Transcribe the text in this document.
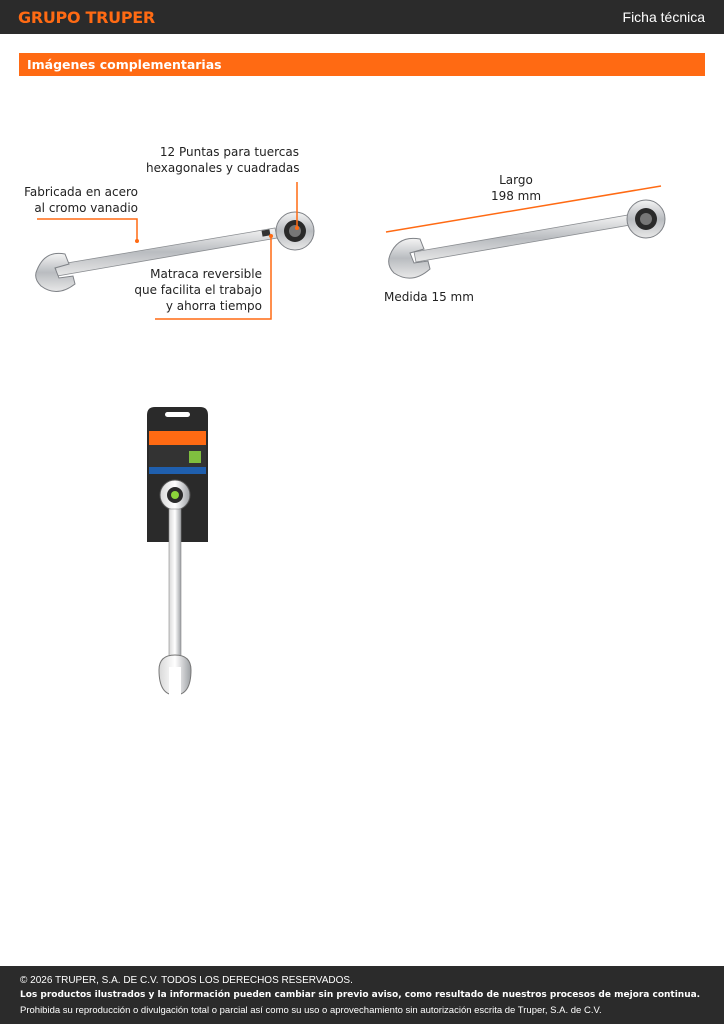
GRUPO TRUPER	Ficha técnica
Imágenes complementarias
12 Puntas para tuercas
hexagonales y cuadradas
Fabricada en acero
al cromo vanadio
Matraca reversible
que facilita el trabajo
y ahorra tiempo
Largo
198 mm
Medida 15 mm
© 2026 TRUPER, S.A. DE C.V. TODOS LOS DERECHOS RESERVADOS.
Los productos ilustrados y la información pueden cambiar sin previo aviso, como resultado de nuestros procesos de mejora continua.
Prohibida su reproducción o divulgación total o parcial así como su uso o aprovechamiento sin autorización escrita de Truper, S.A. de C.V.
